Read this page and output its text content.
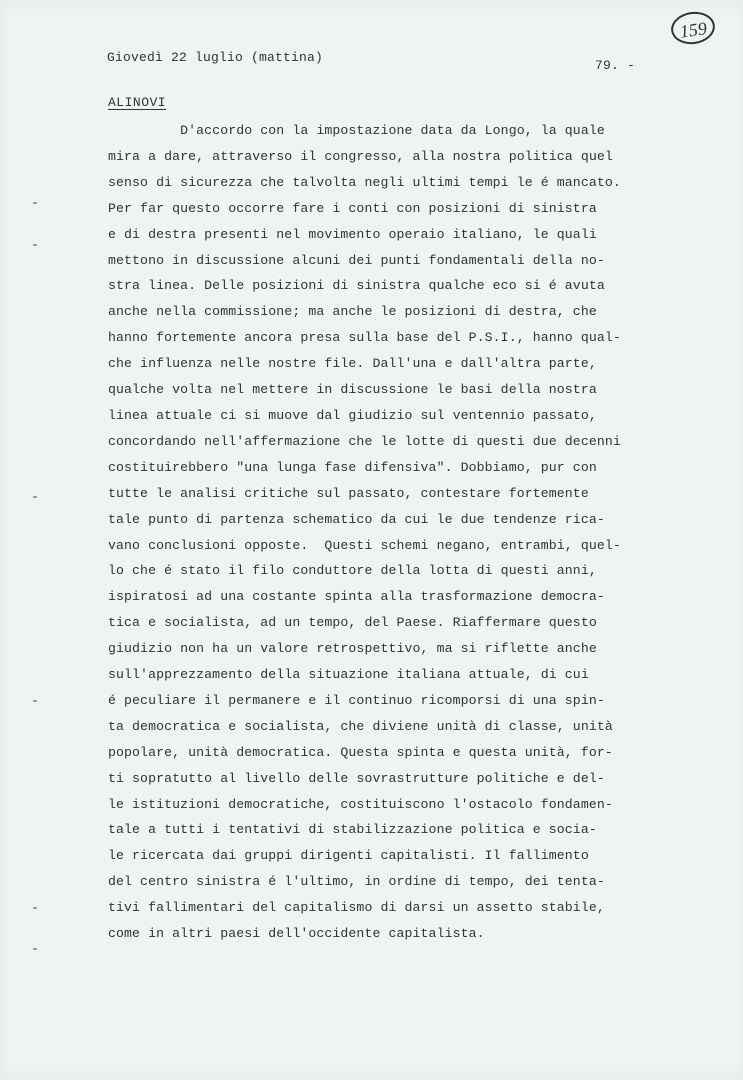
Giovedì 22 luglio (mattina)
79. -
159
ALINOVI
D'accordo con la impostazione data da Longo, la quale
mira a dare, attraverso il congresso, alla nostra politica quel
senso di sicurezza che talvolta negli ultimi tempi le é mancato.
Per far questo occorre fare i conti con posizioni di sinistra
e di destra presenti nel movimento operaio italiano, le quali
mettono in discussione alcuni dei punti fondamentali della no-
stra linea. Delle posizioni di sinistra qualche eco si é avuta
anche nella commissione; ma anche le posizioni di destra, che
hanno fortemente ancora presa sulla base del P.S.I., hanno qual-
che influenza nelle nostre file. Dall'una e dall'altra parte,
qualche volta nel mettere in discussione le basi della nostra
linea attuale ci si muove dal giudizio sul ventennio passato,
concordando nell'affermazione che le lotte di questi due decenni
costituirebbero "una lunga fase difensiva". Dobbiamo, pur con
tutte le analisi critiche sul passato, contestare fortemente
tale punto di partenza schematico da cui le due tendenze rica-
vano conclusioni opposte.  Questi schemi negano, entrambi, quel-
lo che é stato il filo conduttore della lotta di questi anni,
ispiratosi ad una costante spinta alla trasformazione democra-
tica e socialista, ad un tempo, del Paese. Riaffermare questo
giudizio non ha un valore retrospettivo, ma si riflette anche
sull'apprezzamento della situazione italiana attuale, di cui
é peculiare il permanere e il continuo ricomporsi di una spin-
ta democratica e socialista, che diviene unità di classe, unità
popolare, unità democratica. Questa spinta e questa unità, for-
ti sopratutto al livello delle sovrastrutture politiche e del-
le istituzioni democratiche, costituiscono l'ostacolo fondamen-
tale a tutti i tentativi di stabilizzazione politica e socia-
le ricercata dai gruppi dirigenti capitalisti. Il fallimento
del centro sinistra é l'ultimo, in ordine di tempo, dei tenta-
tivi fallimentari del capitalismo di darsi un assetto stabile,
come in altri paesi dell'occidente capitalista.
